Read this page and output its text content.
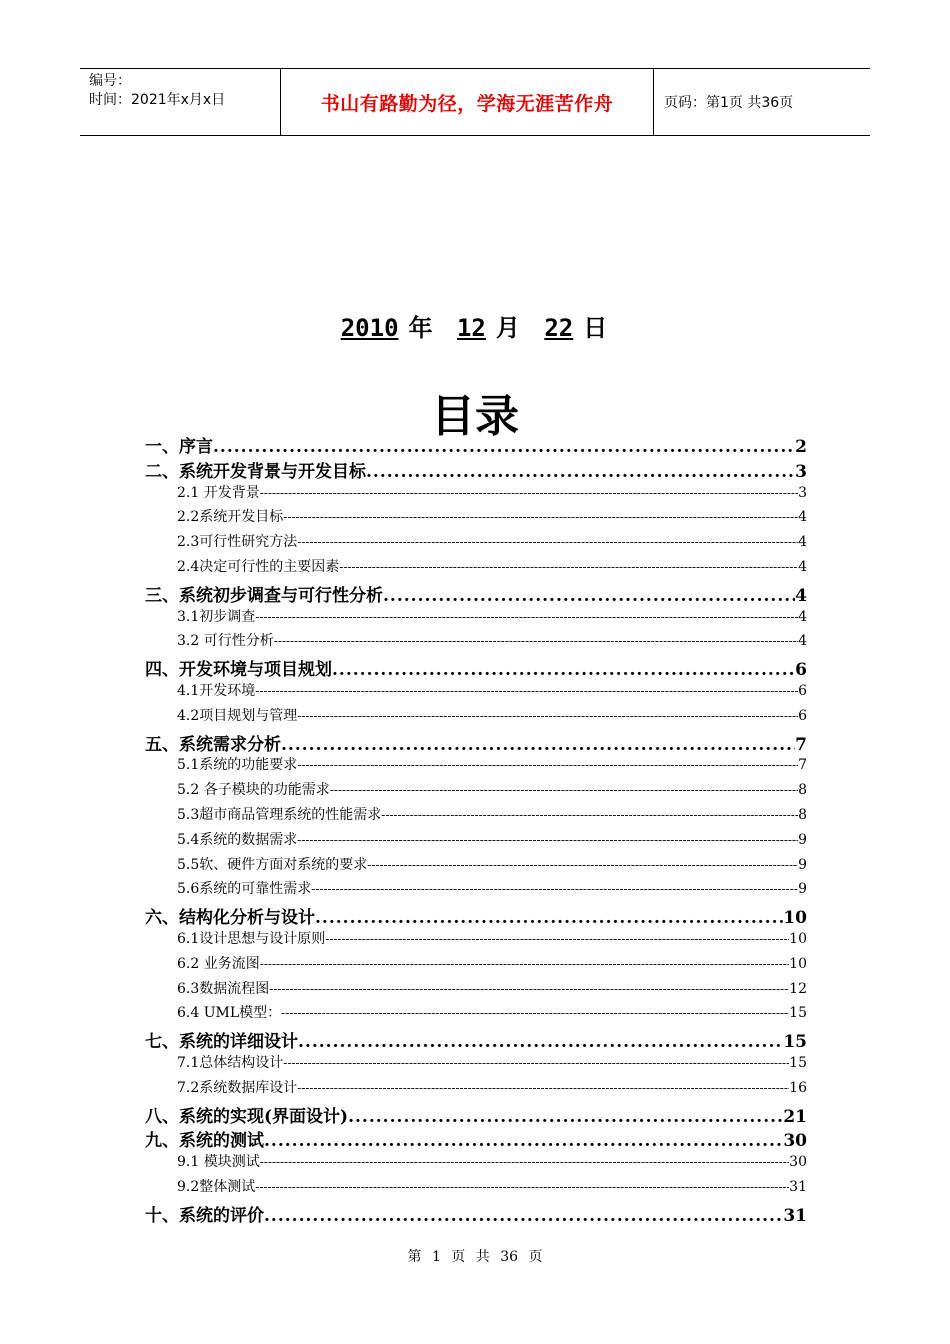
编号：
时间：2021年x月x日	书山有路勤为径，学海无涯苦作舟	页码：第1页 共36页
2010 年 12 月 22 日
目录
一、序言 .....	2
二、系统开发背景与开发目标 .....	3
2.1 开发背景 -----	3
2.2系统开发目标 -----	4
2.3可行性研究方法 -----	4
2.4决定可行性的主要因素 -----	4
三、系统初步调查与可行性分析 .....	4
3.1初步调查 -----	4
3.2 可行性分析 -----	4
四、开发环境与项目规划 .....	6
4.1开发环境 -----	6
4.2项目规划与管理 -----	6
五、系统需求分析 .....	7
5.1系统的功能要求 -----	7
5.2 各子模块的功能需求 -----	8
5.3超市商品管理系统的性能需求 -----	8
5.4系统的数据需求 -----	9
5.5软、硬件方面对系统的要求 -----	9
5.6系统的可靠性需求 -----	9
六、结构化分析与设计 .....	10
6.1设计思想与设计原则 -----	10
6.2 业务流图 -----	10
6.3数据流程图 -----	12
6.4 UML模型： -----	15
七、系统的详细设计 .....	15
7.1总体结构设计 -----	15
7.2系统数据库设计 -----	16
八、系统的实现(界面设计) .....	21
九、系统的测试 .....	30
9.1 模块测试 -----	30
9.2整体测试 -----	31
十、系统的评价 .....	31
第 1 页 共 36 页
